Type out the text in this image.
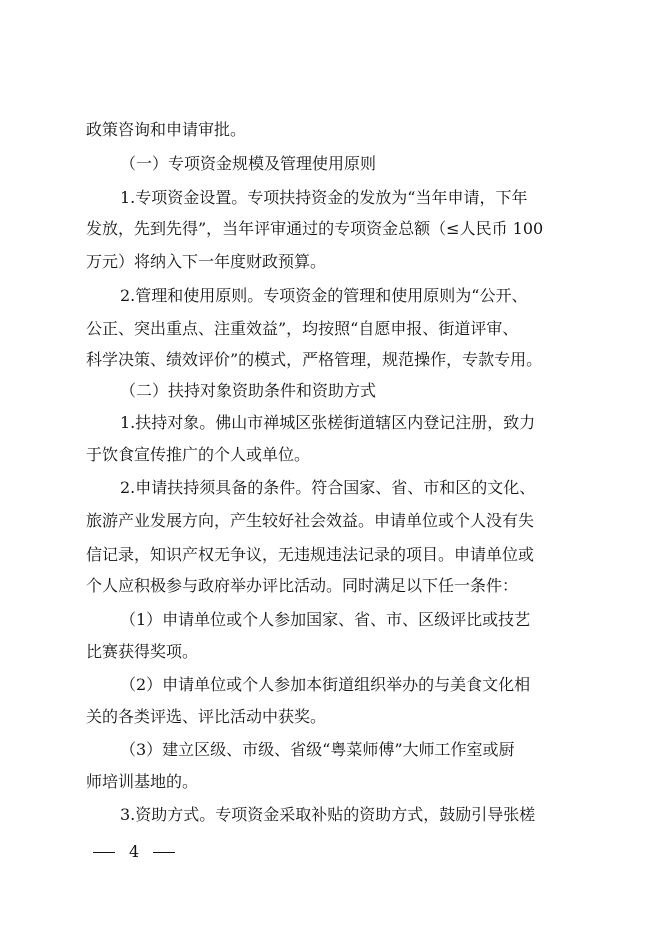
政策咨询和申请审批。
（一）专项资金规模及管理使用原则
1.专项资金设置。专项扶持资金的发放为“当年申请，下年
发放，先到先得”，当年评审通过的专项资金总额（≤人民币 100
万元）将纳入下一年度财政预算。
2.管理和使用原则。专项资金的管理和使用原则为“公开、
公正、突出重点、注重效益”，均按照“自愿申报、街道评审、
科学决策、绩效评价”的模式，严格管理，规范操作，专款专用。
（二）扶持对象资助条件和资助方式
1.扶持对象。佛山市禅城区张槎街道辖区内登记注册，致力
于饮食宣传推广的个人或单位。
2.申请扶持须具备的条件。符合国家、省、市和区的文化、
旅游产业发展方向，产生较好社会效益。申请单位或个人没有失
信记录，知识产权无争议，无违规违法记录的项目。申请单位或
个人应积极参与政府举办评比活动。同时满足以下任一条件：
（1）申请单位或个人参加国家、省、市、区级评比或技艺
比赛获得奖项。
（2）申请单位或个人参加本街道组织举办的与美食文化相
关的各类评选、评比活动中获奖。
（3）建立区级、市级、省级“粤菜师傅”大师工作室或厨
师培训基地的。
3.资助方式。专项资金采取补贴的资助方式，鼓励引导张槎
4
